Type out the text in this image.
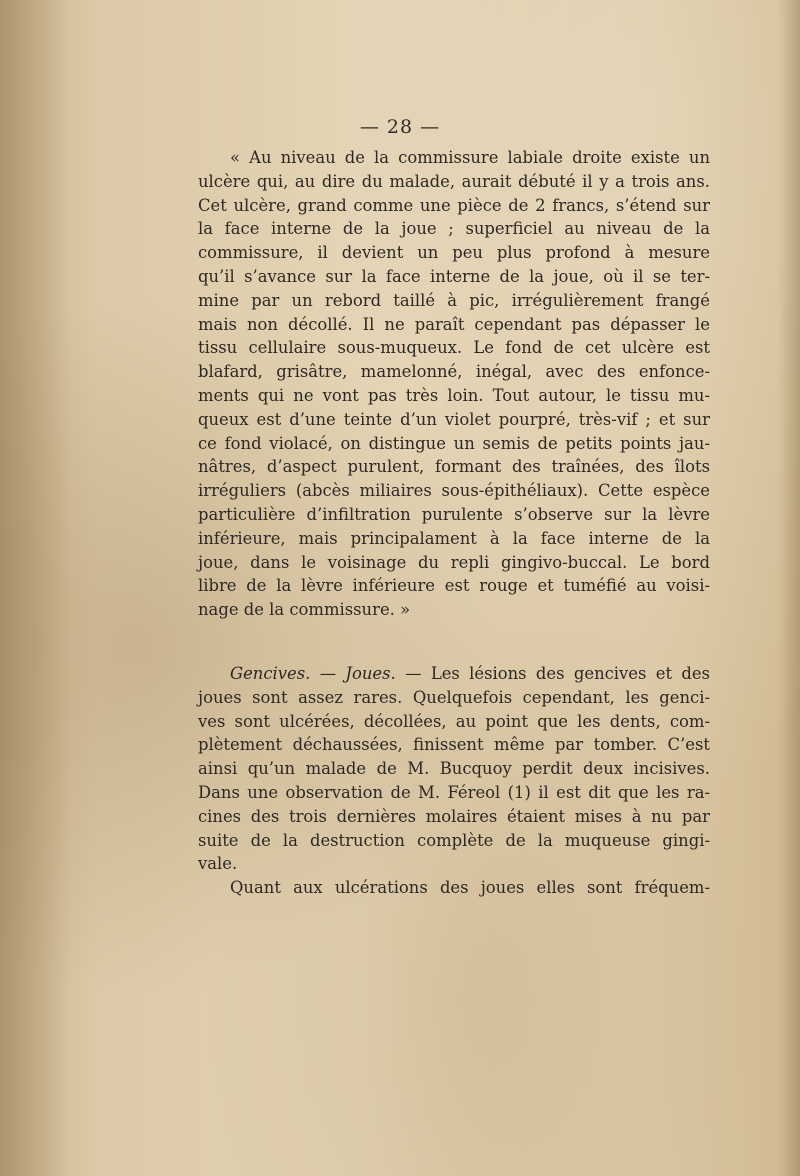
— 28 —
« Au niveau de la commissure labiale droite existe un
ulcère qui, au dire du malade, aurait débuté il y a trois ans.
Cet ulcère, grand comme une pièce de 2 francs, s’étend sur
la face interne de la joue ; superficiel au niveau de la
commissure, il devient un peu plus profond à mesure
qu’il s’avance sur la face interne de la joue, où il se ter-
mine par un rebord taillé à pic, irrégulièrement frangé
mais non décollé. Il ne paraît cependant pas dépasser le
tissu cellulaire sous-muqueux. Le fond de cet ulcère est
blafard, grisâtre, mamelonné, inégal, avec des enfonce-
ments qui ne vont pas très loin. Tout autour, le tissu mu-
queux est d’une teinte d’un violet pourpré, très-vif ; et sur
ce fond violacé, on distingue un semis de petits points jau-
nâtres, d’aspect purulent, formant des traînées, des îlots
irréguliers (abcès miliaires sous-épithéliaux). Cette espèce
particulière d’infiltration purulente s’observe sur la lèvre
inférieure, mais principalament à la face interne de la
joue, dans le voisinage du repli gingivo-buccal. Le bord
libre de la lèvre inférieure est rouge et tuméfié au voisi-
nage de la commissure. »
Gencives. — Joues. — Les lésions des gencives et des
joues sont assez rares. Quelquefois cependant, les genci-
ves sont ulcérées, décollées, au point que les dents, com-
plètement déchaussées, finissent même par tomber. C’est
ainsi qu’un malade de M. Bucquoy perdit deux incisives.
Dans une observation de M. Féreol (1) il est dit que les ra-
cines des trois dernières molaires étaient mises à nu par
suite de la destruction complète de la muqueuse gingi-
vale.
Quant aux ulcérations des joues elles sont fréquem-
